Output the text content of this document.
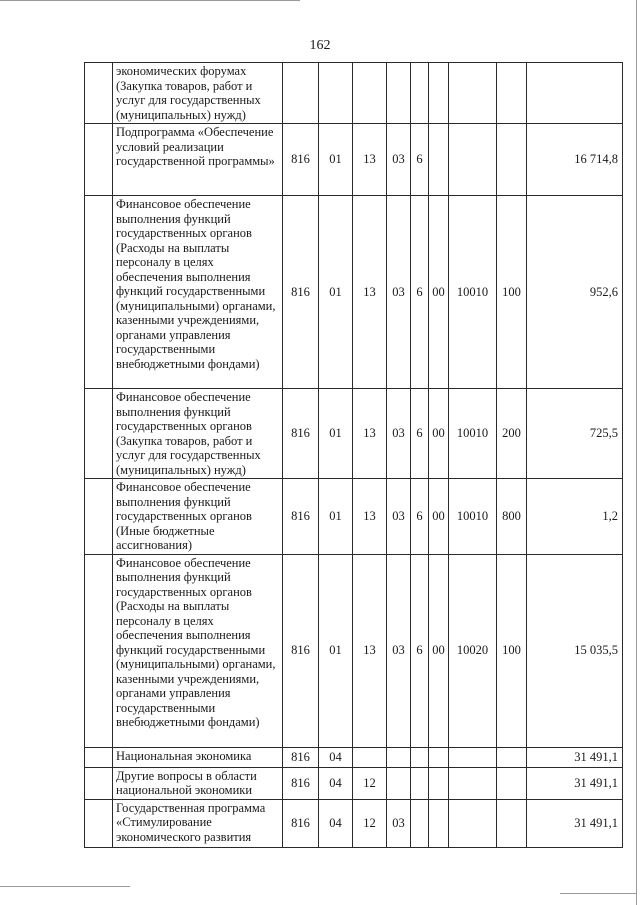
162
	экономических форумах (Закупка товаров, работ и услуг для государственных (муниципальных) нужд)									
	Подпрограмма «Обеспечение условий реализации государственной программы»	816	01	13	03	6				16 714,8
	Финансовое обеспечение выполнения функций государственных органов (Расходы на выплаты персоналу в целях обеспечения выполнения функций государственными (муниципальными) органами, казенными учреждениями, органами управления государственными внебюджетными фондами)	816	01	13	03	6	00	10010	100	952,6
	Финансовое обеспечение выполнения функций государственных органов (Закупка товаров, работ и услуг для государственных (муниципальных) нужд)	816	01	13	03	6	00	10010	200	725,5
	Финансовое обеспечение выполнения функций государственных органов (Иные бюджетные ассигнования)	816	01	13	03	6	00	10010	800	1,2
	Финансовое обеспечение выполнения функций государственных органов (Расходы на выплаты персоналу в целях обеспечения выполнения функций государственными (муниципальными) органами, казенными учреждениями, органами управления государственными внебюджетными фондами)	816	01	13	03	6	00	10020	100	15 035,5
	Национальная экономика	816	04							31 491,1
	Другие вопросы в области национальной экономики	816	04	12						31 491,1
	Государственная программа «Стимулирование экономического развития	816	04	12	03					31 491,1
